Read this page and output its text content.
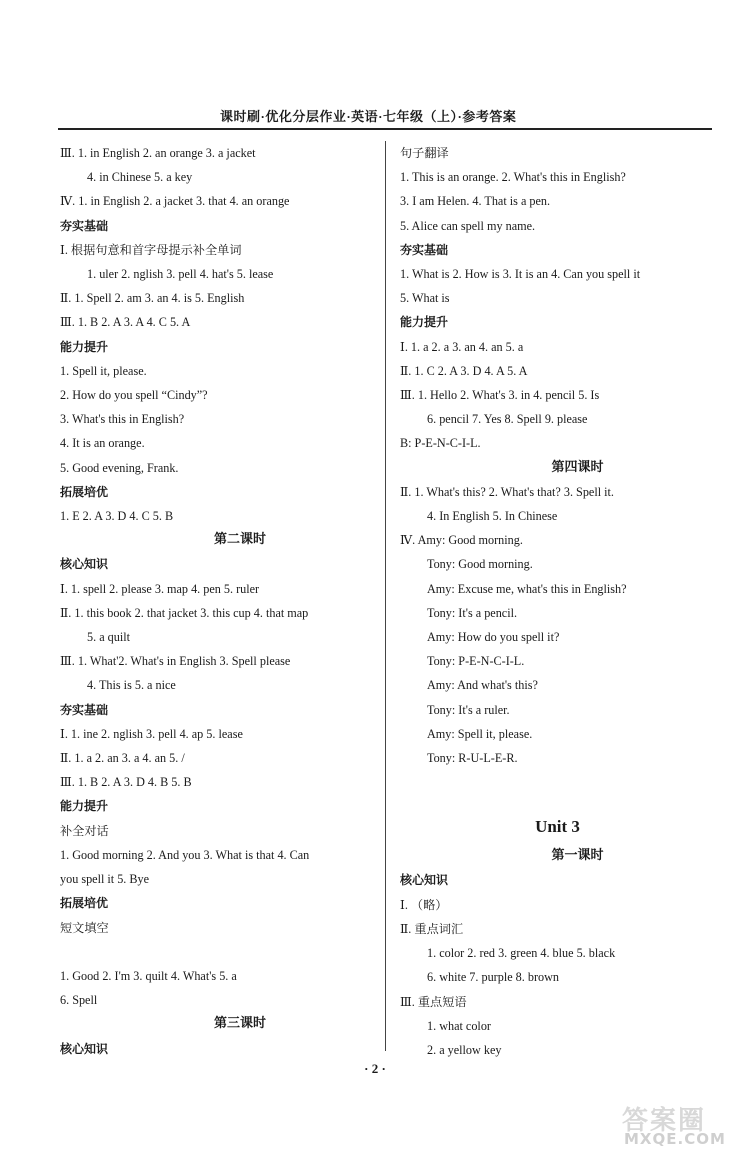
课时刷·优化分层作业·英语·七年级（上）·参考答案
Ⅲ. 1. in English 2. an orange 3. a jacket
4. in Chinese 5. a key
Ⅳ. 1. in English 2. a jacket 3. that 4. an orange
夯实基础
Ⅰ. 根据句意和首字母提示补全单词
1. uler 2. nglish 3. pell 4. hat's 5. lease
Ⅱ. 1. Spell 2. am 3. an 4. is 5. English
Ⅲ. 1. B 2. A 3. A 4. C 5. A
能力提升
1. Spell it, please.
2. How do you spell “Cindy”?
3. What's this in English?
4. It is an orange.
5. Good evening, Frank.
拓展培优
1. E 2. A 3. D 4. C 5. B
第二课时
核心知识
Ⅰ. 1. spell 2. please 3. map 4. pen 5. ruler
Ⅱ. 1. this book 2. that jacket 3. this cup 4. that map
5. a quilt
Ⅲ. 1. What'2. What's in English 3. Spell please
4. This is 5. a nice
夯实基础
Ⅰ. 1. ine 2. nglish 3. pell 4. ap 5. lease
Ⅱ. 1. a 2. an 3. a 4. an 5. /
Ⅲ. 1. B 2. A 3. D 4. B 5. B
能力提升
补全对话
1. Good morning 2. And you 3. What is that 4. Can
you spell it 5. Bye
拓展培优
短文填空
1. Good 2. I'm 3. quilt 4. What's 5. a
6. Spell
第三课时
核心知识
句子翻译
1. This is an orange. 2. What's this in English?
3. I am Helen. 4. That is a pen.
5. Alice can spell my name.
夯实基础
1. What is 2. How is 3. It is an 4. Can you spell it
5. What is
能力提升
Ⅰ. 1. a 2. a 3. an 4. an 5. a
Ⅱ. 1. C 2. A 3. D 4. A 5. A
Ⅲ. 1. Hello 2. What's 3. in 4. pencil 5. Is
6. pencil 7. Yes 8. Spell 9. please
B: P-E-N-C-I-L.
第四课时
Ⅱ. 1. What's this? 2. What's that? 3. Spell it.
4. In English 5. In Chinese
Ⅳ. Amy: Good morning.
Tony: Good morning.
Amy: Excuse me, what's this in English?
Tony: It's a pencil.
Amy: How do you spell it?
Tony: P-E-N-C-I-L.
Amy: And what's this?
Tony: It's a ruler.
Amy: Spell it, please.
Tony: R-U-L-E-R.
Unit 3
第一课时
核心知识
Ⅰ. （略）
Ⅱ. 重点词汇
1. color 2. red 3. green 4. blue 5. black
6. white 7. purple 8. brown
Ⅲ. 重点短语
1. what color
2. a yellow key
· 2 ·
答案圈
MXQE.COM
